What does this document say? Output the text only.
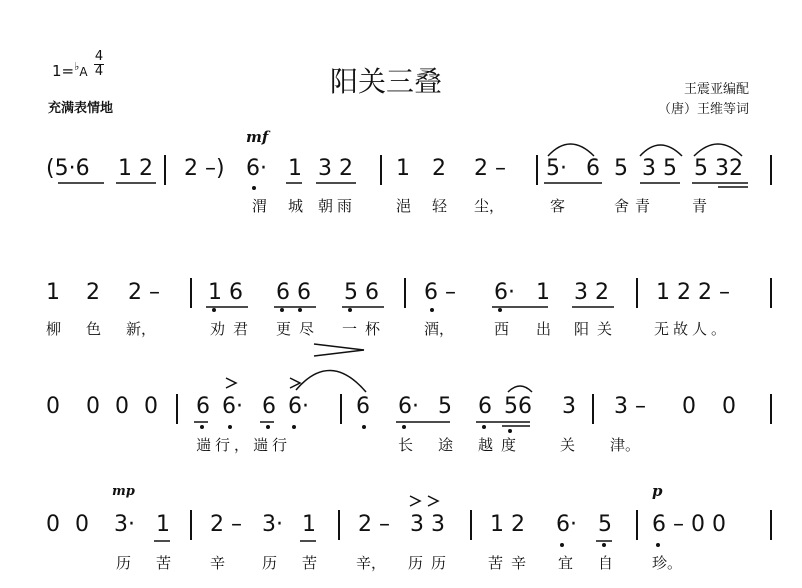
1=♭A
4
4
充满表情地
阳关三叠	王震亚编配
（唐）王维等词
mf
mp	p
(5·6 1 2 2 –) 6· 1 3 2 1 2 2 – 5· 6 5 3 5 5 32
渭 城 朝雨	浥 轻 尘，	客	舍青 青
1 2 2 – 1 6 6 6 5 6 6 – 6· 1 3 2 1 2 2 –
柳 色 新，	劝君 更尽 一杯 酒，	西 出 阳关 无故人。
0 0 0 0 6 6· 6 6· 6 6· 5 6 56 3 3 – 0 0
遄行，遄行	长 途 越度 关 津。
0 0 3· 1 2 – 3· 1 2 – 3 3 1 2 6· 5 6 – 0 0
历 苦	辛 历 苦	辛， 历历 苦辛 宜 自	珍。
